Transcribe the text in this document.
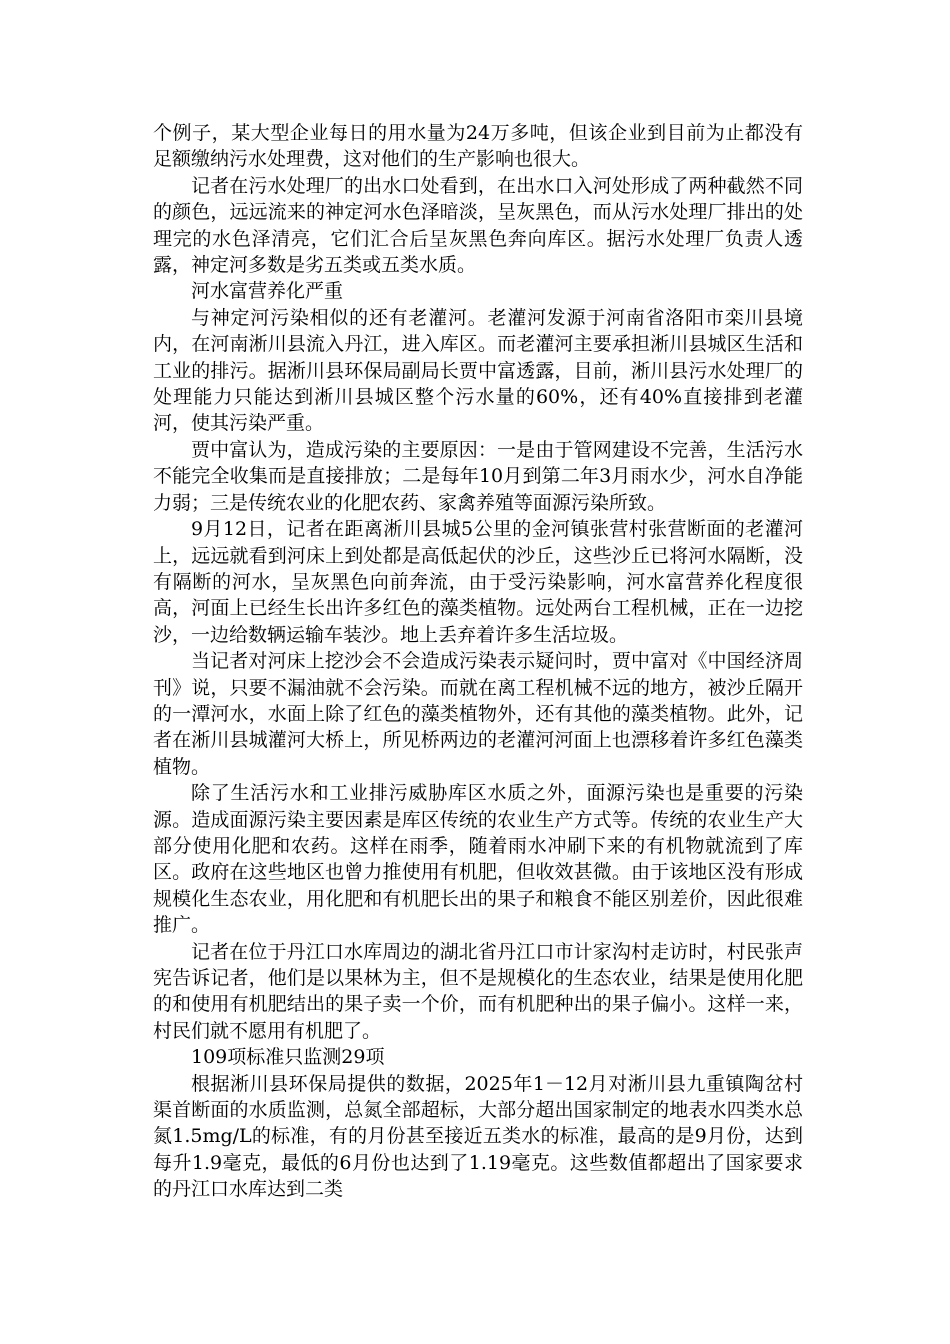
个例子，某大型企业每日的用水量为24万多吨，但该企业到目前为止都没有足额缴纳污水处理费，这对他们的生产影响也很大。

记者在污水处理厂的出水口处看到，在出水口入河处形成了两种截然不同的颜色，远远流来的神定河水色泽暗淡，呈灰黑色，而从污水处理厂排出的处理完的水色泽清亮，它们汇合后呈灰黑色奔向库区。据污水处理厂负责人透露，神定河多数是劣五类或五类水质。

河水富营养化严重

与神定河污染相似的还有老灌河。老灌河发源于河南省洛阳市栾川县境内，在河南淅川县流入丹江，进入库区。而老灌河主要承担淅川县城区生活和工业的排污。据淅川县环保局副局长贾中富透露，目前，淅川县污水处理厂的处理能力只能达到淅川县城区整个污水量的60%，还有40%直接排到老灌河，使其污染严重。

贾中富认为，造成污染的主要原因：一是由于管网建设不完善，生活污水不能完全收集而是直接排放；二是每年10月到第二年3月雨水少，河水自净能力弱；三是传统农业的化肥农药、家禽养殖等面源污染所致。

9月12日，记者在距离淅川县城5公里的金河镇张营村张营断面的老灌河上，远远就看到河床上到处都是高低起伏的沙丘，这些沙丘已将河水隔断，没有隔断的河水，呈灰黑色向前奔流，由于受污染影响，河水富营养化程度很高，河面上已经生长出许多红色的藻类植物。远处两台工程机械，正在一边挖沙，一边给数辆运输车装沙。地上丢弃着许多生活垃圾。

当记者对河床上挖沙会不会造成污染表示疑问时，贾中富对《中国经济周刊》说，只要不漏油就不会污染。而就在离工程机械不远的地方，被沙丘隔开的一潭河水，水面上除了红色的藻类植物外，还有其他的藻类植物。此外，记者在淅川县城灌河大桥上，所见桥两边的老灌河河面上也漂移着许多红色藻类植物。

除了生活污水和工业排污威胁库区水质之外，面源污染也是重要的污染源。造成面源污染主要因素是库区传统的农业生产方式等。传统的农业生产大部分使用化肥和农药。这样在雨季，随着雨水冲刷下来的有机物就流到了库区。政府在这些地区也曾力推使用有机肥，但收效甚微。由于该地区没有形成规模化生态农业，用化肥和有机肥长出的果子和粮食不能区别差价，因此很难推广。

记者在位于丹江口水库周边的湖北省丹江口市计家沟村走访时，村民张声宪告诉记者，他们是以果林为主，但不是规模化的生态农业，结果是使用化肥的和使用有机肥结出的果子卖一个价，而有机肥种出的果子偏小。这样一来，村民们就不愿用有机肥了。

109项标准只监测29项

根据淅川县环保局提供的数据，2025年1－12月对淅川县九重镇陶岔村渠首断面的水质监测，总氮全部超标，大部分超出国家制定的地表水四类水总氮1.5mg/L的标准，有的月份甚至接近五类水的标准，最高的是9月份，达到每升1.9毫克，最低的6月份也达到了1.19毫克。这些数值都超出了国家要求的丹江口水库达到二类
